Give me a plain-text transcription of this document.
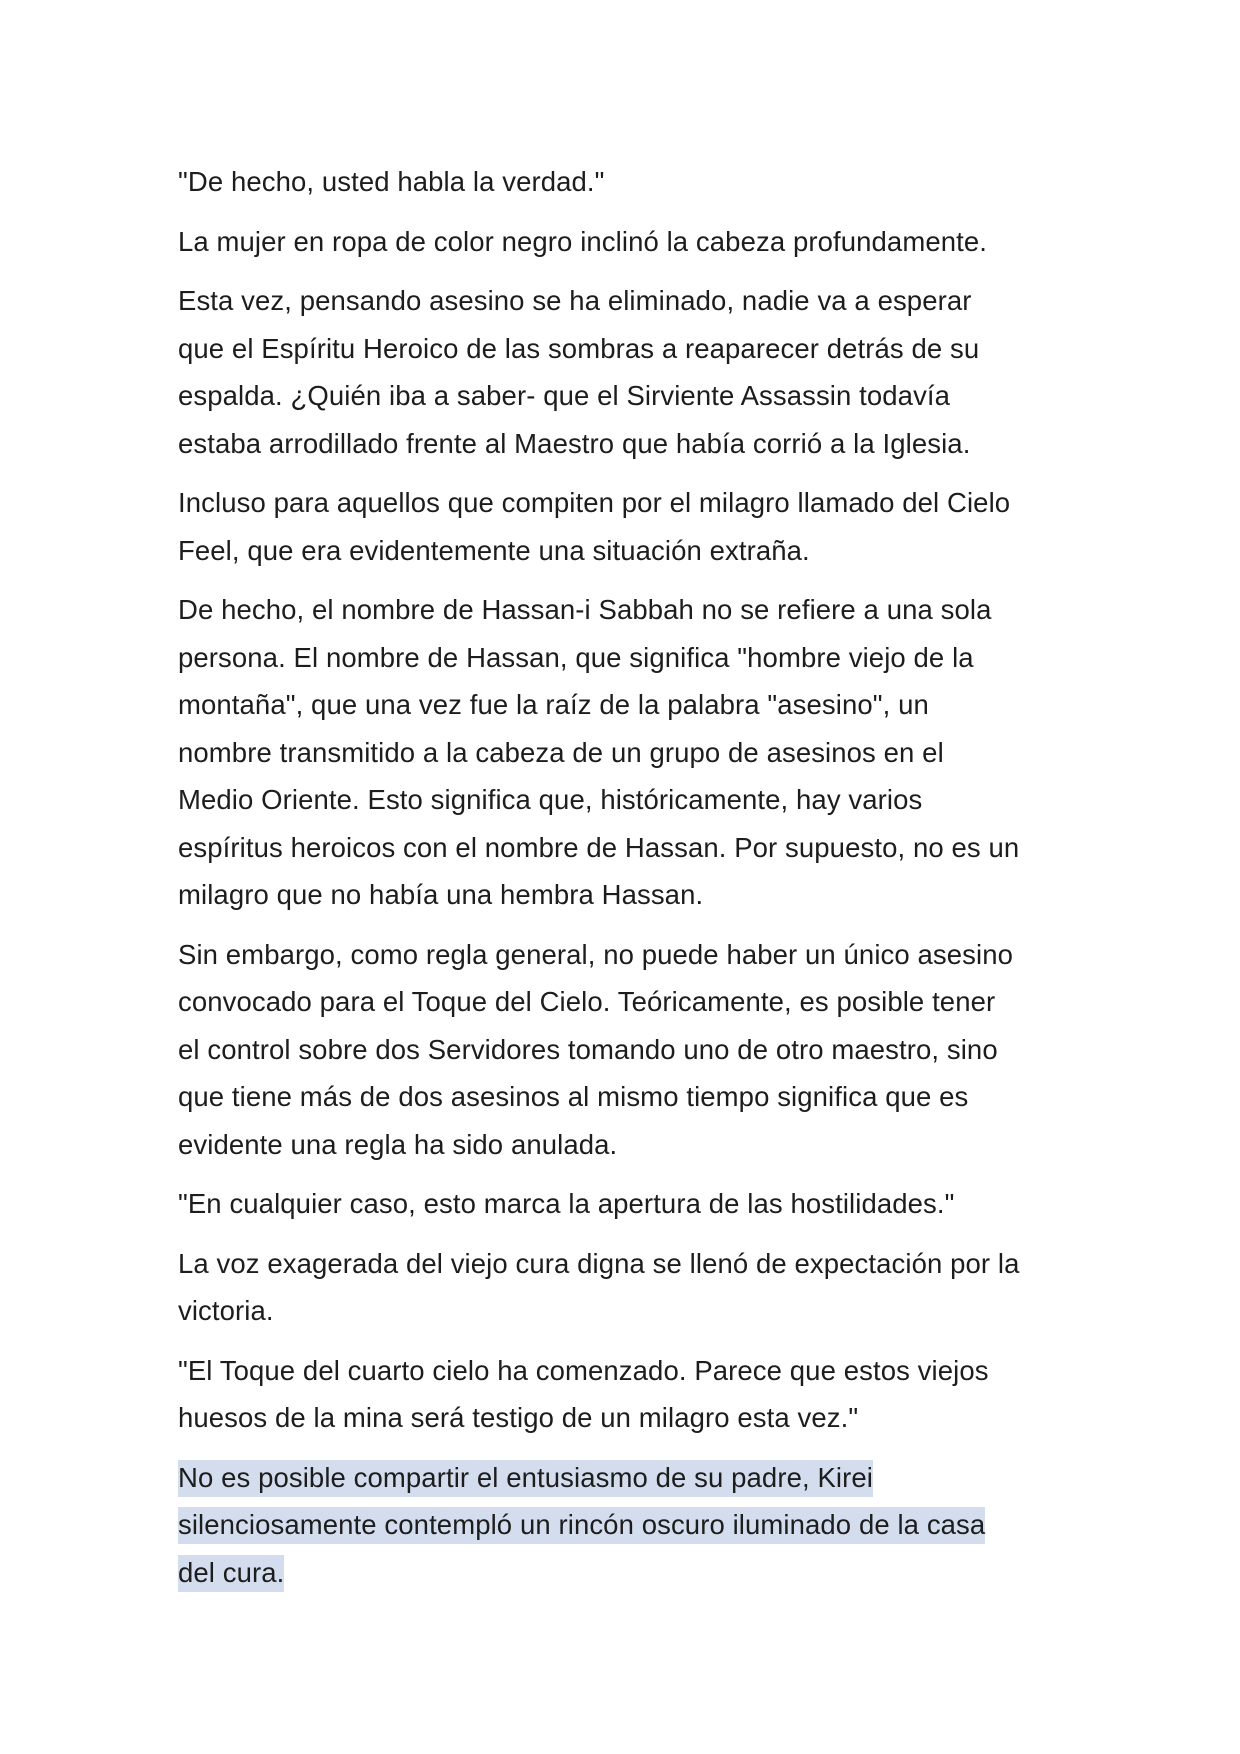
"De hecho, usted habla la verdad."

La mujer en ropa de color negro inclinó la cabeza profundamente.

Esta vez, pensando asesino se ha eliminado, nadie va a esperar
que el Espíritu Heroico de las sombras a reaparecer detrás de su
espalda. ¿Quién iba a saber- que el Sirviente Assassin todavía
estaba arrodillado frente al Maestro que había corrió a la Iglesia.

Incluso para aquellos que compiten por el milagro llamado del Cielo
Feel, que era evidentemente una situación extraña.

De hecho, el nombre de Hassan-i Sabbah no se refiere a una sola
persona. El nombre de Hassan, que significa "hombre viejo de la
montaña", que una vez fue la raíz de la palabra "asesino", un
nombre transmitido a la cabeza de un grupo de asesinos en el
Medio Oriente. Esto significa que, históricamente, hay varios
espíritus heroicos con el nombre de Hassan. Por supuesto, no es un
milagro que no había una hembra Hassan.

Sin embargo, como regla general, no puede haber un único asesino
convocado para el Toque del Cielo. Teóricamente, es posible tener
el control sobre dos Servidores tomando uno de otro maestro, sino
que tiene más de dos asesinos al mismo tiempo significa que es
evidente una regla ha sido anulada.

"En cualquier caso, esto marca la apertura de las hostilidades."

La voz exagerada del viejo cura digna se llenó de expectación por la
victoria.

"El Toque del cuarto cielo ha comenzado. Parece que estos viejos
huesos de la mina será testigo de un milagro esta vez."

No es posible compartir el entusiasmo de su padre, Kirei
silenciosamente contempló un rincón oscuro iluminado de la casa
del cura.
